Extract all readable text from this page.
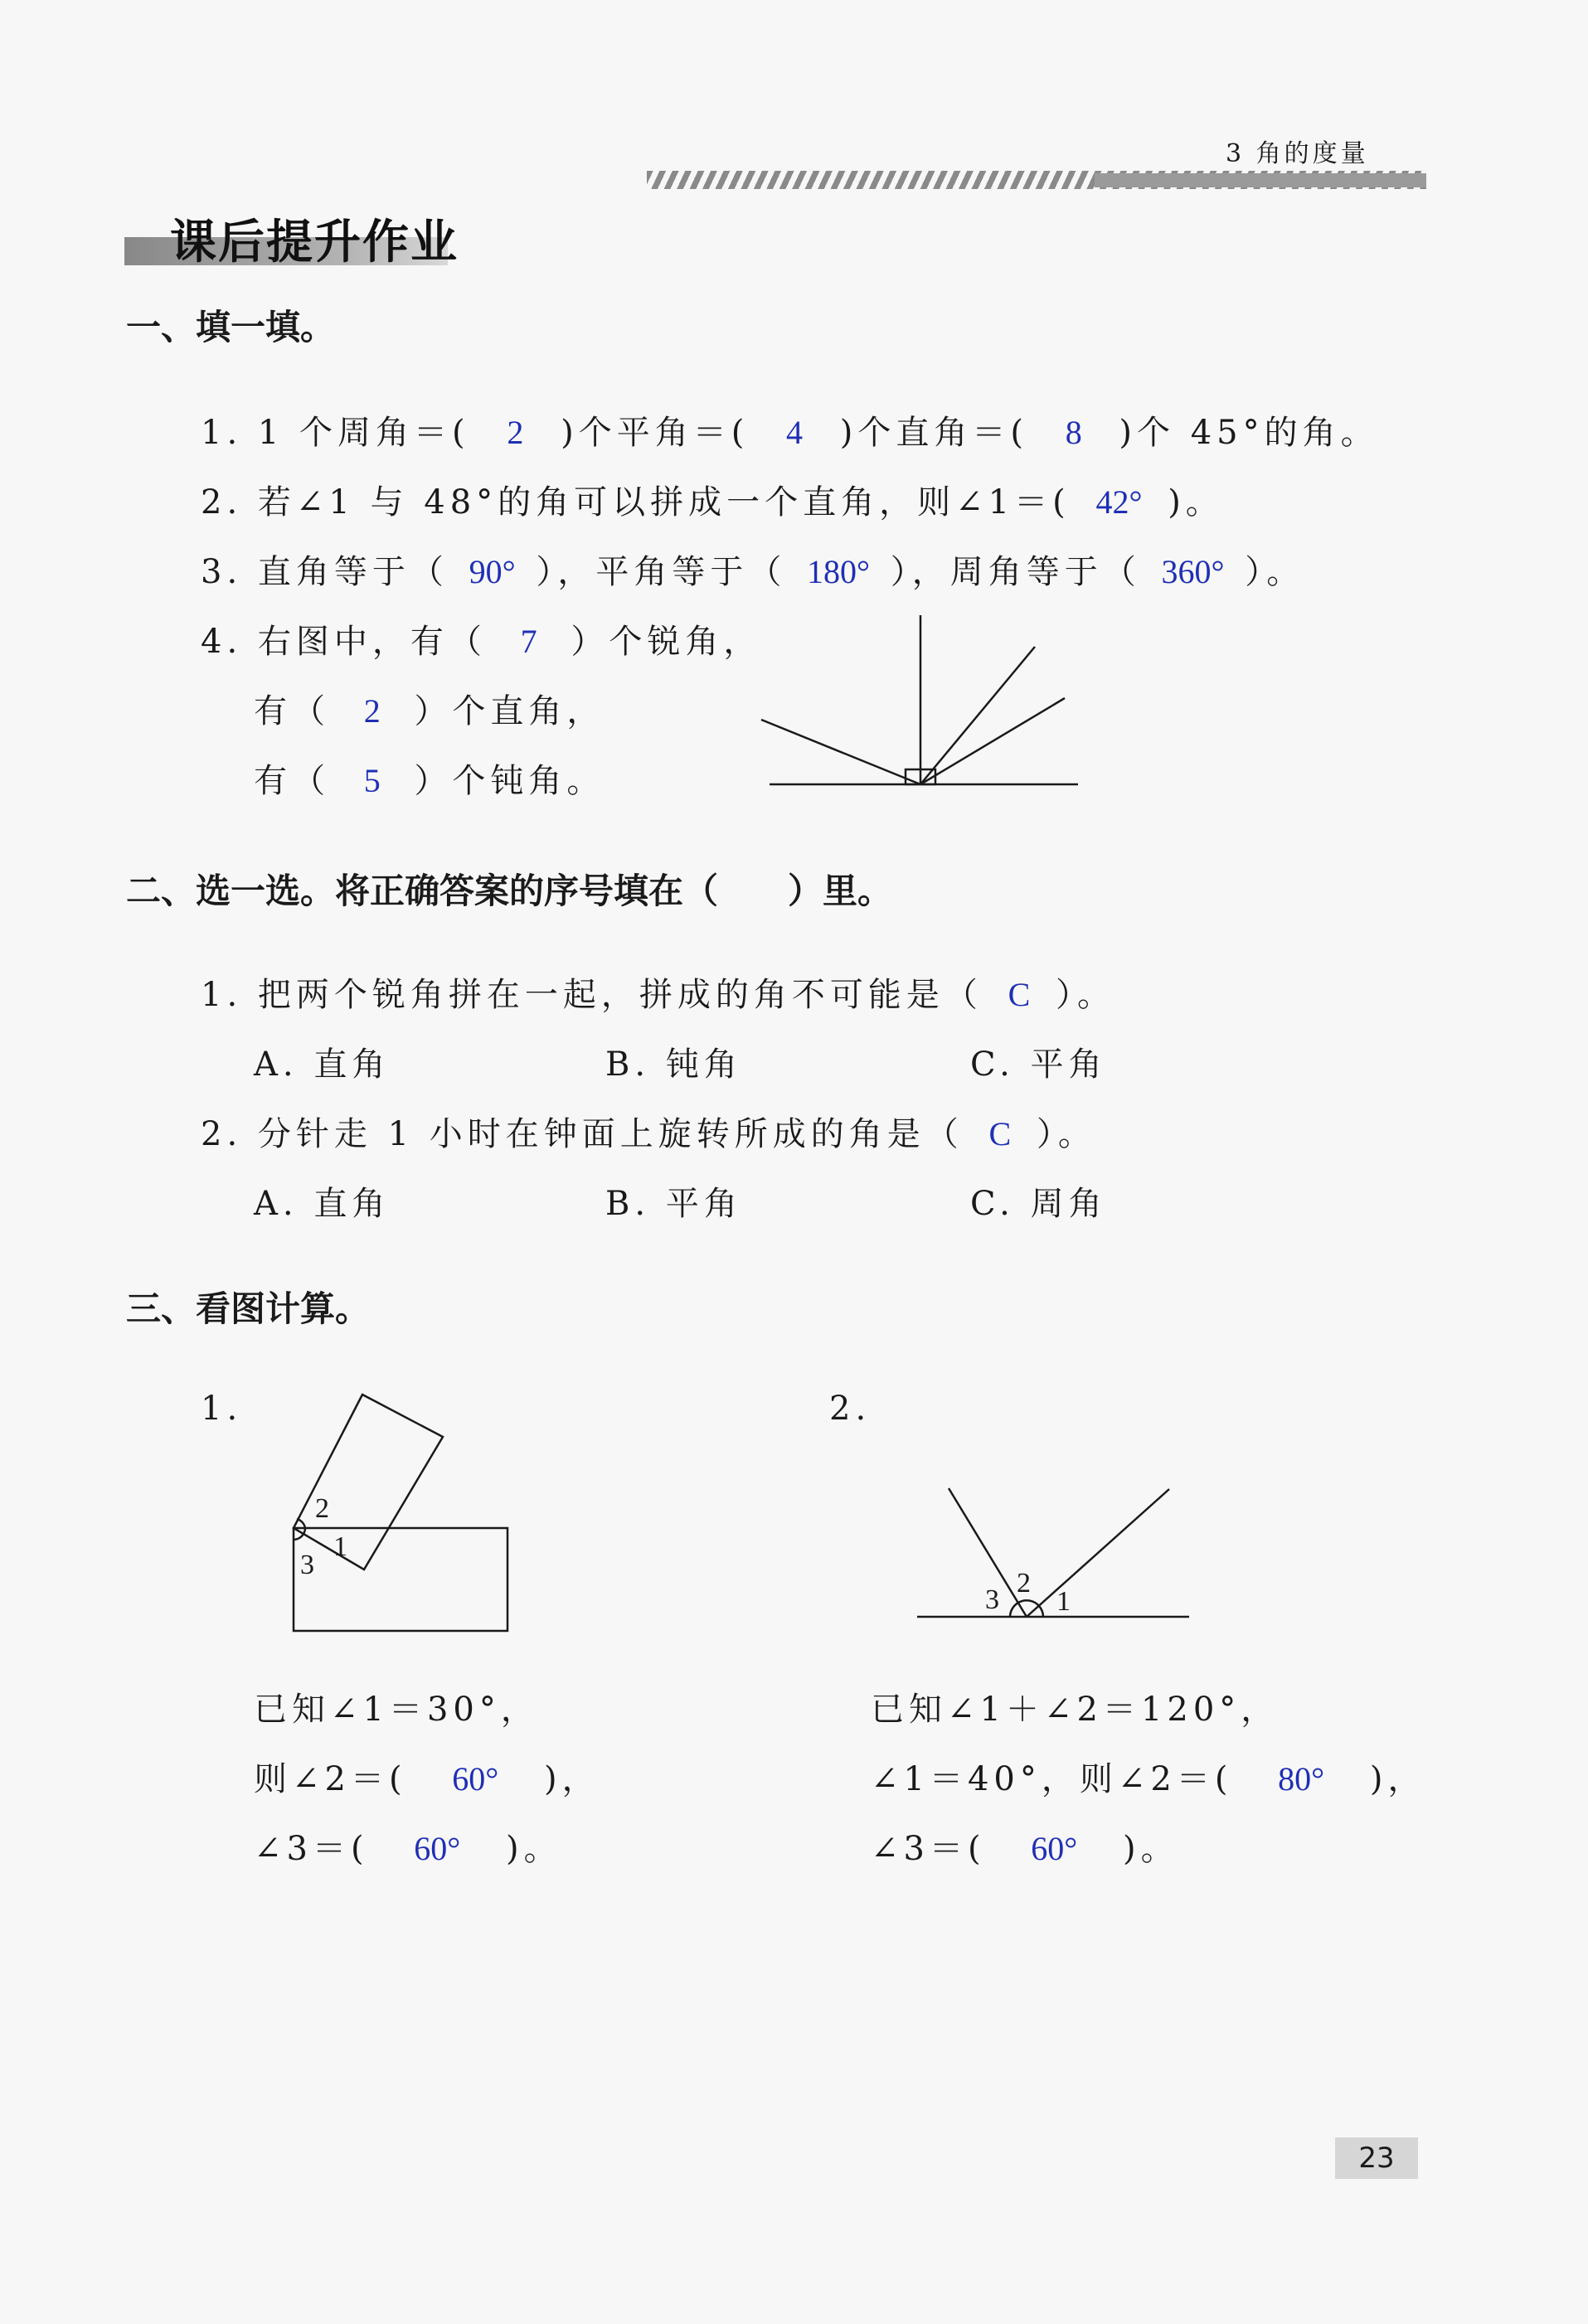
3 角的度量
课后提升作业
一、填一填。
1. 1 个周角＝( 2 )个平角＝( 4 )个直角＝( 8 )个 45°的角。
2. 若∠1 与 48°的角可以拼成一个直角，则∠1＝( 42° )。
3. 直角等于（ 90° ），平角等于（ 180° ），周角等于（ 360° ）。
4. 右图中，有（ 7 ）个锐角，
有（ 2 ）个直角，
有（ 5 ）个钝角。
二、选一选。将正确答案的序号填在（　　）里。
1. 把两个锐角拼在一起，拼成的角不可能是（ C ）。
A. 直角	B. 钝角	C. 平角
2. 分针走 1 小时在钟面上旋转所成的角是（ C ）。
A. 直角	B. 平角	C. 周角
三、看图计算。
1.	2.
2
1
3
3
2
1
已知∠1＝30°，
则∠2＝( 60° )，
∠3＝( 60° )。
已知∠1＋∠2＝120°，
∠1＝40°，则∠2＝( 80° )，
∠3＝( 60° )。
23
